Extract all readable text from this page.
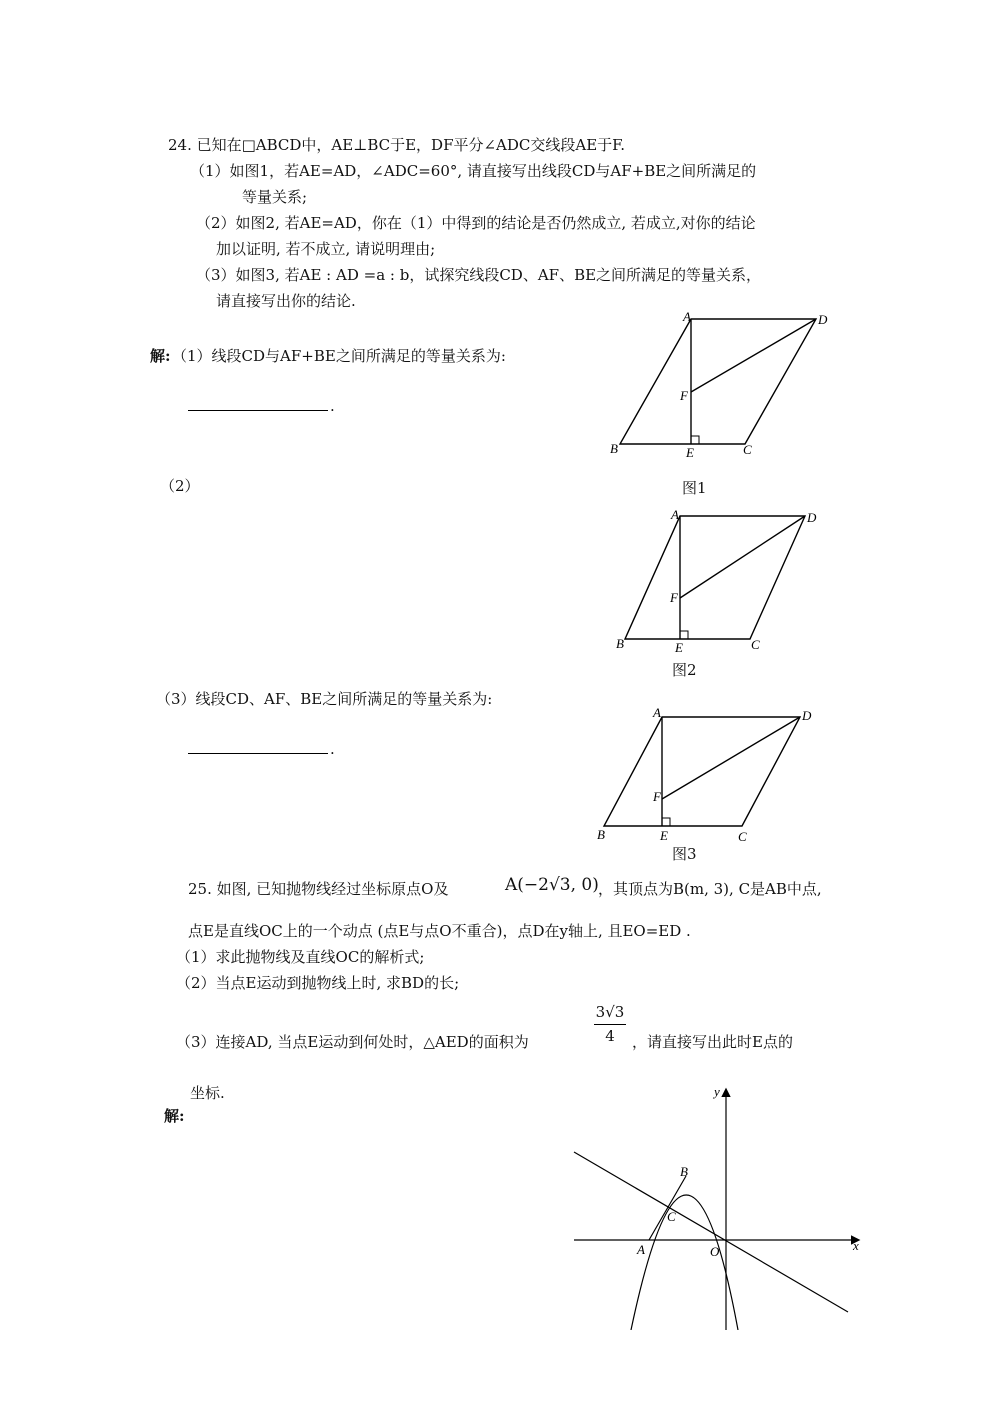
24. 已知在□ABCD中，AE⊥BC于E，DF平分∠ADC交线段AE于F.
（1）如图1，若AE=AD，∠ADC=60°, 请直接写出线段CD与AF+BE之间所满足的
等量关系;
（2）如图2, 若AE=AD，你在（1）中得到的结论是否仍然成立, 若成立,对你的结论
加以证明, 若不成立, 请说明理由;
（3）如图3, 若AE : AD =a : b，试探究线段CD、AF、BE之间所满足的等量关系，
请直接写出你的结论.
解: （1）线段CD与AF+BE之间所满足的等量关系为:
.
（2）
（3）线段CD、AF、BE之间所满足的等量关系为:
.
A	D
F
B	E	C
图1
A	D
F
B	E	C
图2
A	D
F
B	E	C
图3
25. 如图, 已知抛物线经过坐标原点O及	A(−2√3, 0) ，其顶点为B(m, 3), C是AB中点,
点E是直线OC上的一个动点 (点E与点O不重合)，点D在y轴上, 且EO=ED .
（1）求此抛物线及直线OC的解析式;
（2）当点E运动到抛物线上时, 求BD的长;
（3）连接AD, 当点E运动到何处时，△AED的面积为
3√3
4	，请直接写出此时E点的
坐标.
解:
y
x
O
A
B
C
